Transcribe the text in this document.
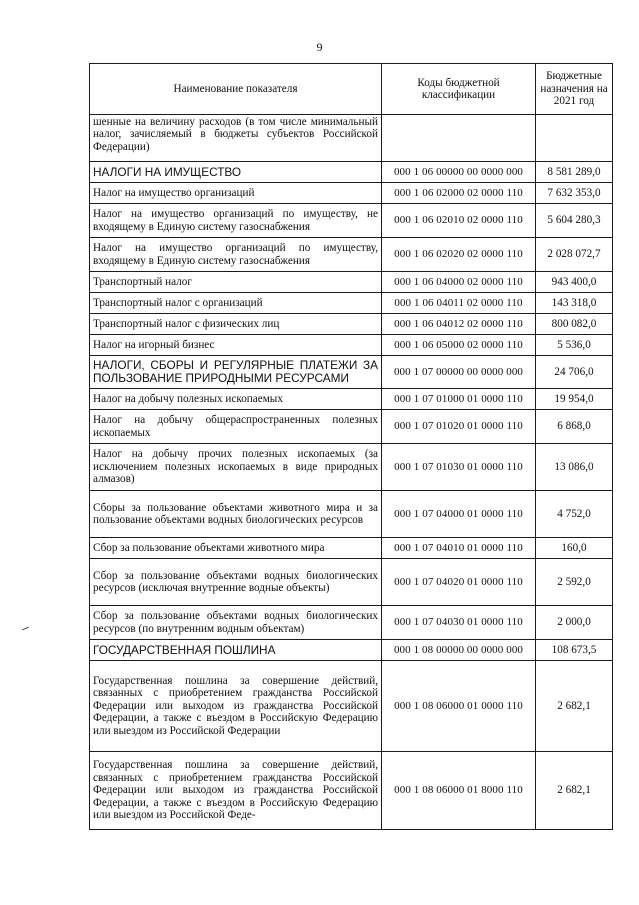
9
Наименование показателя	Коды бюджетной классификации	Бюджетные назначения на 2021 год
шенные на величину расходов (в том числе минимальный налог, зачисляемый в бюджеты субъектов Российской Федерации)		
НАЛОГИ НА ИМУЩЕСТВО	000 1 06 00000 00 0000 000	8 581 289,0
Налог на имущество организаций	000 1 06 02000 02 0000 110	7 632 353,0
Налог на имущество организаций по имуществу, не входящему в Единую систему газоснабжения	000 1 06 02010 02 0000 110	5 604 280,3
Налог на имущество организаций по имуществу, входящему в Единую систему газоснабжения	000 1 06 02020 02 0000 110	2 028 072,7
Транспортный налог	000 1 06 04000 02 0000 110	943 400,0
Транспортный налог с организаций	000 1 06 04011 02 0000 110	143 318,0
Транспортный налог с физических лиц	000 1 06 04012 02 0000 110	800 082,0
Налог на игорный бизнес	000 1 06 05000 02 0000 110	5 536,0
НАЛОГИ, СБОРЫ И РЕГУЛЯРНЫЕ ПЛАТЕЖИ ЗА ПОЛЬЗОВАНИЕ ПРИРОДНЫМИ РЕСУРСАМИ	000 1 07 00000 00 0000 000	24 706,0
Налог на добычу полезных ископаемых	000 1 07 01000 01 0000 110	19 954,0
Налог на добычу общераспространенных полезных ископаемых	000 1 07 01020 01 0000 110	6 868,0
Налог на добычу прочих полезных ископаемых (за исключением полезных ископаемых в виде природных алмазов)	000 1 07 01030 01 0000 110	13 086,0
Сборы за пользование объектами животного мира и за пользование объектами водных биологических ресурсов	000 1 07 04000 01 0000 110	4 752,0
Сбор за пользование объектами животного мира	000 1 07 04010 01 0000 110	160,0
Сбор за пользование объектами водных биологических ресурсов (исключая внутренние водные объекты)	000 1 07 04020 01 0000 110	2 592,0
Сбор за пользование объектами водных биологических ресурсов (по внутренним водным объектам)	000 1 07 04030 01 0000 110	2 000,0
ГОСУДАРСТВЕННАЯ ПОШЛИНА	000 1 08 00000 00 0000 000	108 673,5
Государственная пошлина за совершение действий, связанных с приобретением гражданства Российской Федерации или выходом из гражданства Российской Федерации, а также с въездом в Российскую Федерацию или выездом из Российской Федерации	000 1 08 06000 01 0000 110	2 682,1
Государственная пошлина за совершение действий, связанных с приобретением гражданства Российской Федерации или выходом из гражданства Российской Федерации, а также с въездом в Российскую Федерацию или выездом из Российской Феде-	000 1 08 06000 01 8000 110	2 682,1
